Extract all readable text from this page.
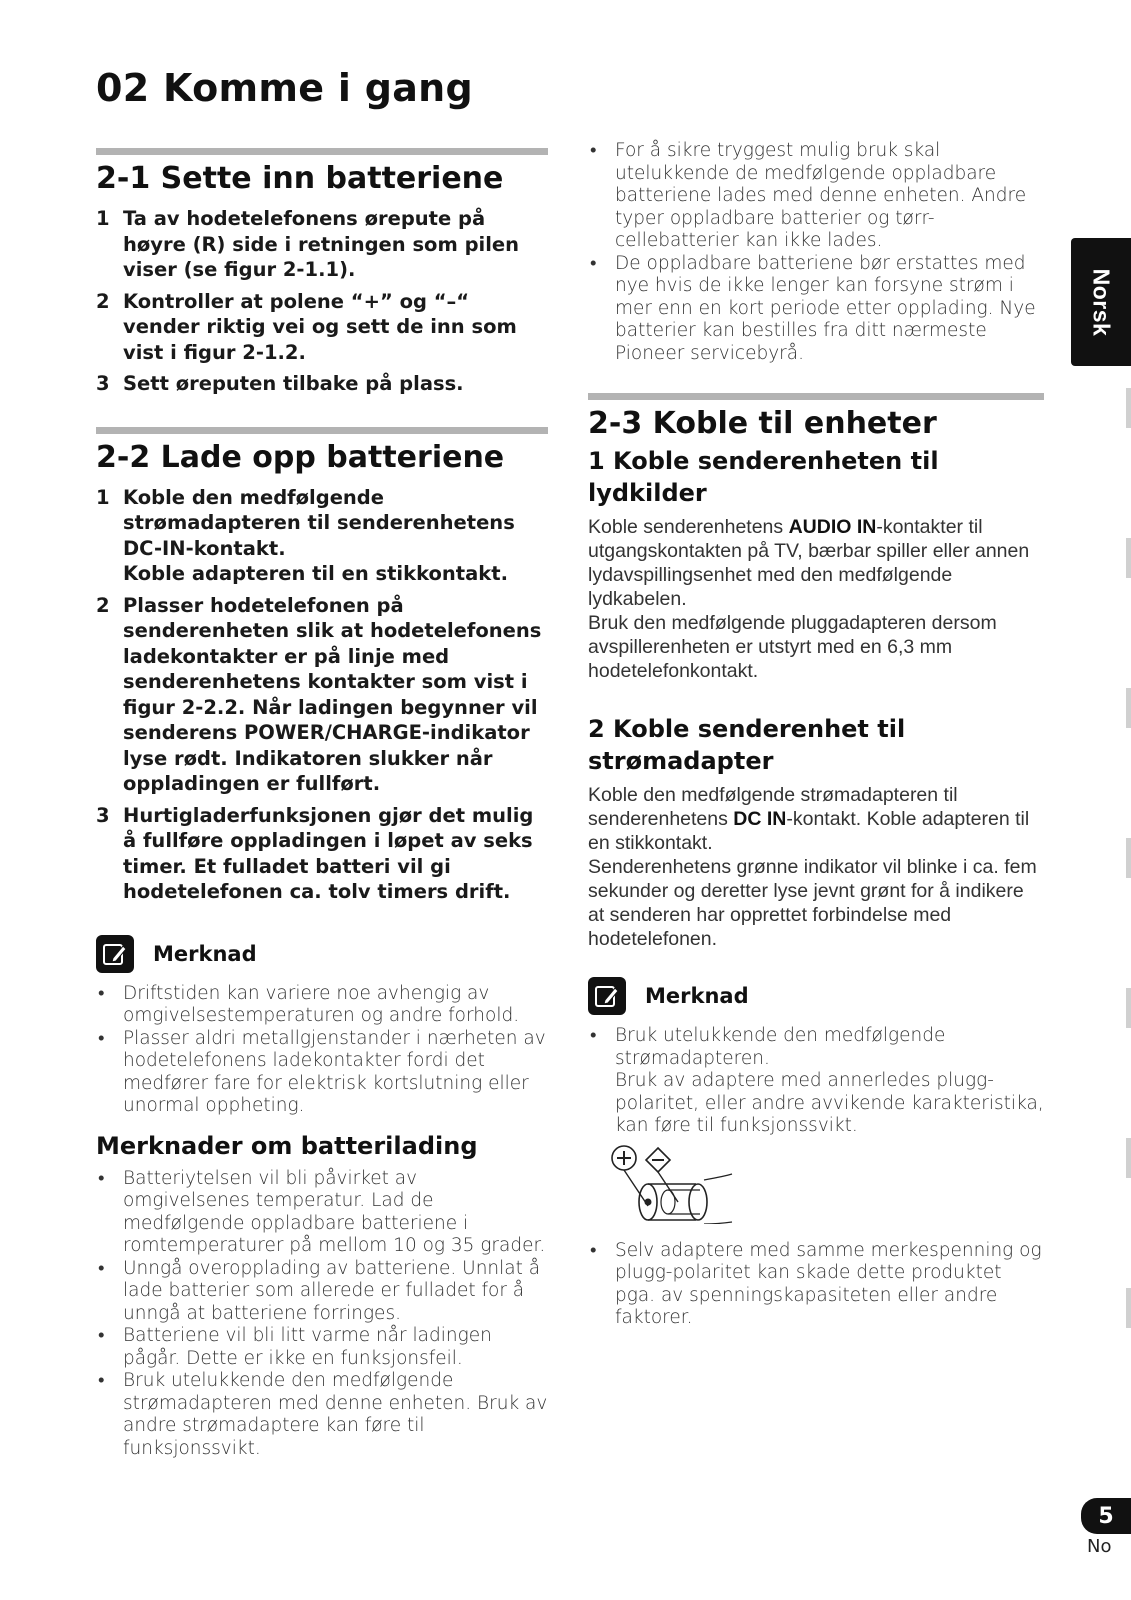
02 Komme i gang
2-1 Sette inn batteriene
1 Ta av hodetelefonens ørepute på høyre (R) side i retningen som pilen viser (se figur 2-1.1).
2 Kontroller at polene “+” og “–“ vender riktig vei og sett de inn som vist i figur 2-1.2.
3 Sett øreputen tilbake på plass.
2-2 Lade opp batteriene
1 Koble den medfølgende strømadapteren til senderenhetens DC-IN-kontakt.
Koble adapteren til en stikkontakt.
2 Plasser hodetelefonen på senderenheten slik at hodetelefonens ladekontakter er på linje med senderenhetens kontakter som vist i figur 2-2.2. Når ladingen begynner vil senderens POWER/CHARGE-indikator lyse rødt. Indikatoren slukker når oppladingen er fullført.
3 Hurtigladerfunksjonen gjør det mulig å fullføre oppladingen i løpet av seks timer. Et fulladet batteri vil gi hodetelefonen ca. tolv timers drift.
Merknad
• Driftstiden kan variere noe avhengig av omgivelsestemperaturen og andre forhold.
• Plasser aldri metallgjenstander i nærheten av hodetelefonens ladekontakter fordi det medfører fare for elektrisk kortslutning eller unormal oppheting.
Merknader om batterilading
• Batteriytelsen vil bli påvirket av omgivelsenes temperatur. Lad de medfølgende oppladbare batteriene i romtemperaturer på mellom 10 og 35 grader.
• Unngå overopplading av batteriene. Unnlat å lade batterier som allerede er fulladet for å unngå at batteriene forringes.
• Batteriene vil bli litt varme når ladingen pågår. Dette er ikke en funksjonsfeil.
• Bruk utelukkende den medfølgende strømadapteren med denne enheten. Bruk av andre strømadaptere kan føre til funksjonssvikt.
• For å sikre tryggest mulig bruk skal utelukkende de medfølgende oppladbare batteriene lades med denne enheten. Andre typer oppladbare batterier og tørr-cellebatterier kan ikke lades.
• De oppladbare batteriene bør erstattes med nye hvis de ikke lenger kan forsyne strøm i mer enn en kort periode etter opplading. Nye batterier kan bestilles fra ditt nærmeste Pioneer servicebyrå.
2-3 Koble til enheter
1 Koble senderenheten til lydkilder

Koble senderenhetens AUDIO IN-kontakter til utgangskontakten på TV, bærbar spiller eller annen lydavspillingsenhet med den medfølgende lydkabelen.

Bruk den medfølgende pluggadapteren dersom avspillerenheten er utstyrt med en 6,3 mm hodetelefonkontakt.

2 Koble senderenhet til strømadapter

Koble den medfølgende strømadapteren til senderenhetens DC IN-kontakt. Koble adapteren til en stikkontakt.

Senderenhetens grønne indikator vil blinke i ca. fem sekunder og deretter lyse jevnt grønt for å indikere at senderen har opprettet forbindelse med hodetelefonen.

Merknad
• Bruk utelukkende den medfølgende strømadapteren.
Bruk av adaptere med annerledes plugg-polaritet, eller andre avvikende karakteristika, kan føre til funksjonssvikt.
• Selv adaptere med samme merkespenning og plugg-polaritet kan skade dette produktet pga. av spenningskapasiteten eller andre faktorer.
Norsk
5
No
